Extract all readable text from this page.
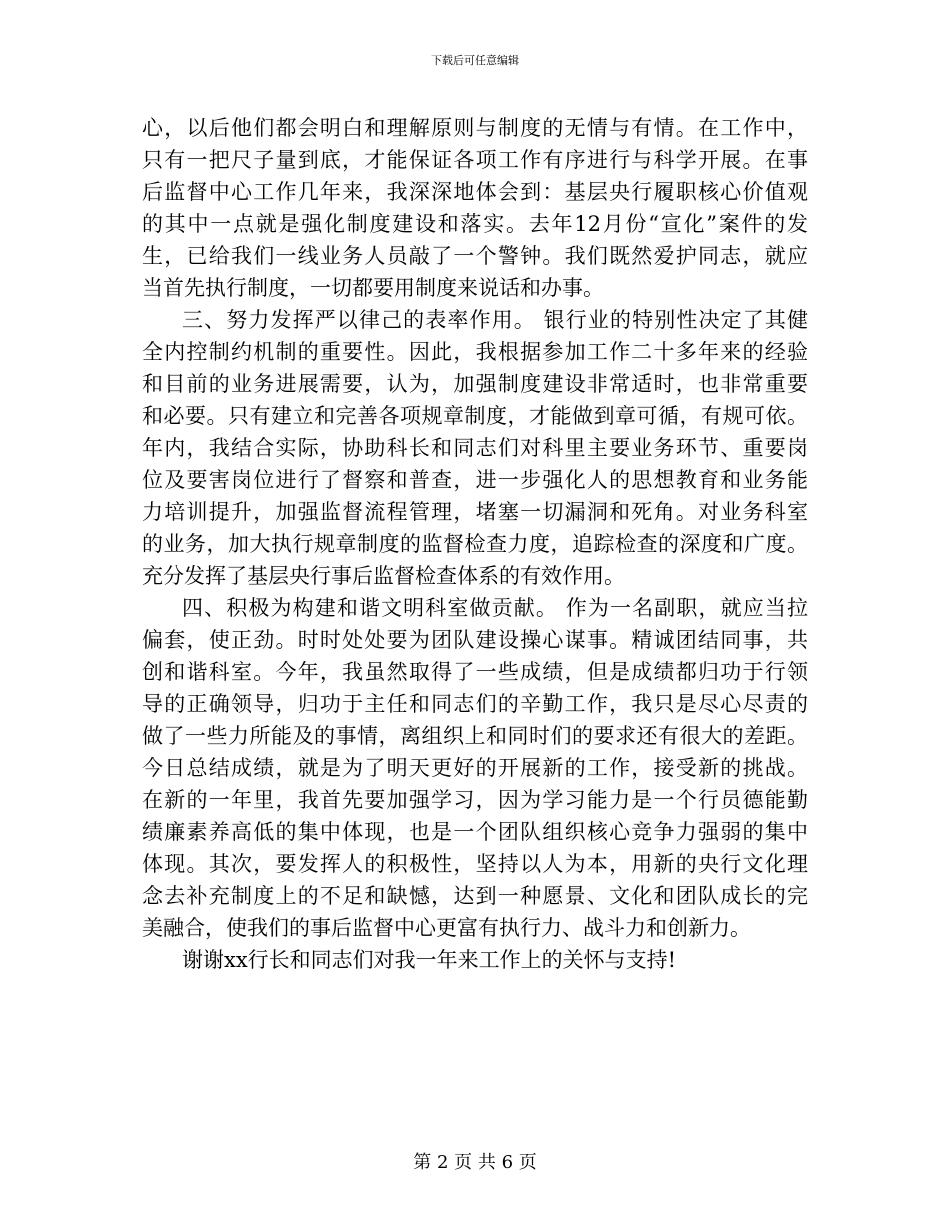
下载后可任意编辑
心，以后他们都会明白和理解原则与制度的无情与有情。在工作中，
只有一把尺子量到底，才能保证各项工作有序进行与科学开展。在事
后监督中心工作几年来，我深深地体会到：基层央行履职核心价值观
的其中一点就是强化制度建设和落实。去年12月份“宣化”案件的发
生，已给我们一线业务人员敲了一个警钟。我们既然爱护同志，就应
当首先执行制度，一切都要用制度来说话和办事。
三、努力发挥严以律己的表率作用。 银行业的特别性决定了其健
全内控制约机制的重要性。因此，我根据参加工作二十多年来的经验
和目前的业务进展需要，认为，加强制度建设非常适时，也非常重要
和必要。只有建立和完善各项规章制度，才能做到章可循，有规可依。
年内，我结合实际，协助科长和同志们对科里主要业务环节、重要岗
位及要害岗位进行了督察和普查，进一步强化人的思想教育和业务能
力培训提升，加强监督流程管理，堵塞一切漏洞和死角。对业务科室
的业务，加大执行规章制度的监督检查力度，追踪检查的深度和广度。
充分发挥了基层央行事后监督检查体系的有效作用。
四、积极为构建和谐文明科室做贡献。 作为一名副职，就应当拉
偏套，使正劲。时时处处要为团队建设操心谋事。精诚团结同事，共
创和谐科室。今年，我虽然取得了一些成绩，但是成绩都归功于行领
导的正确领导，归功于主任和同志们的辛勤工作，我只是尽心尽责的
做了一些力所能及的事情，离组织上和同时们的要求还有很大的差距。
今日总结成绩，就是为了明天更好的开展新的工作，接受新的挑战。
在新的一年里，我首先要加强学习，因为学习能力是一个行员德能勤
绩廉素养高低的集中体现，也是一个团队组织核心竞争力强弱的集中
体现。其次，要发挥人的积极性，坚持以人为本，用新的央行文化理
念去补充制度上的不足和缺憾，达到一种愿景、文化和团队成长的完
美融合，使我们的事后监督中心更富有执行力、战斗力和创新力。
谢谢xx行长和同志们对我一年来工作上的关怀与支持!
第 2 页 共 6 页
